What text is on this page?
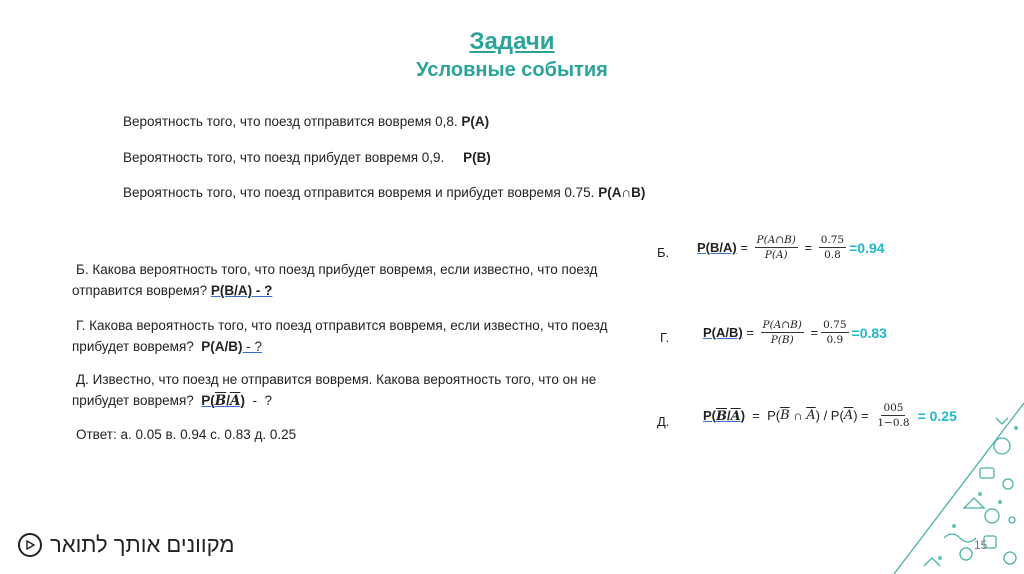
Задачи
Условные события
Вероятность того, что поезд отправится вовремя 0,8. P(A)
Вероятность того, что поезд прибудет вовремя 0,9.     P(B)
Вероятность того, что поезд отправится вовремя и прибудет вовремя 0.75. P(A∩B)
Б. Какова вероятность того, что поезд прибудет вовремя, если известно, что поезд
отправится вовремя? P(B/A) - ?
Г. Какова вероятность того, что поезд отправится вовремя, если известно, что поезд
прибудет вовремя?  P(A/B) - ?
Д. Известно, что поезд не отправится вовремя. Какова вероятность того, что он не
прибудет вовремя?  P(B/A)  -  ?
Ответ: а. 0.05 в. 0.94 с. 0.83 д. 0.25
Б. $P(B/A) = \frac{P(A\cap B)}{P(A)} = \frac{0.75}{0.8} =0.94$
Г.	$P(A/B) = \frac{P(A\cap B)}{P(B)} = \frac{0.75}{0.9} =0.83$
Д.	P(B/A) =  P( $\overline{B}$ ∩ $\overline{A}$ ) / P( $\overline{A}$ ) = $\frac{005}{1-0.8} = 0.25$
מקוונים אותך לתואר	15
